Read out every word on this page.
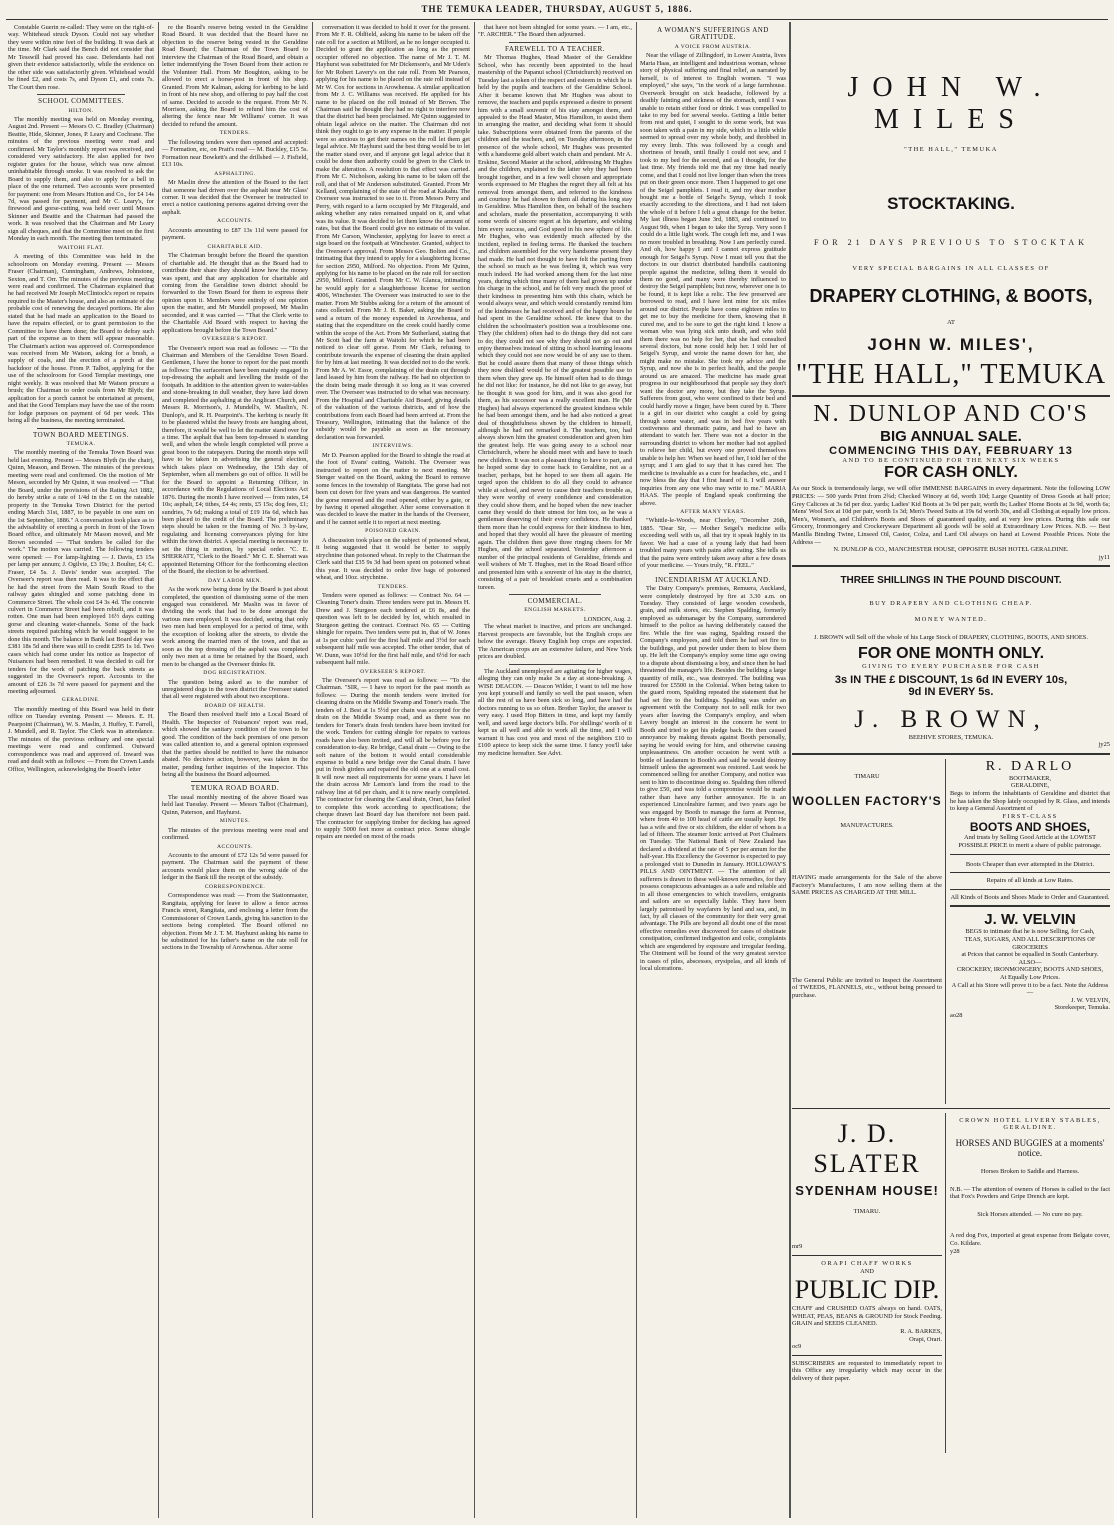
THE TEMUKA LEADER, THURSDAY, AUGUST 5, 1886.

Constable Guerin re-called: They were on the right-of-way. Whitehead struck Dyson. Could not say whether they were within nine feet of the building. It was dark at the time. Mr Clark said the Bench did not consider that Mr Tesswill had proved his case. Defendants had not given their evidence satisfactorily, while the evidence on the other side was satisfactorily given. Whitehead would be fined £2, and costs 7s, and Dyson £1, and costs 7s. The Court then rose.

SCHOOL COMMITTEES.
HILTON.

The monthly meeting was held on Monday evening, August 2nd. Present — Messrs O. C. Bradley (Chairman) Beattie, Hide, Skinner, Jones, P. Leary and Cochrane. The minutes of the previous meeting were read and confirmed. Mr Taylor's monthly report was received, and considered very satisfactory. He also applied for two register grates for the house, which was now almost uninhabitable through smoke. It was resolved to ask the Board to supply them, and also to apply for a bell in place of the one returned. Two accounts were presented for payment: one from Messrs Hutton and Co., for £4 14s 7d, was passed for payment, and Mr C. Leary's, for firewood and gorse-cutting, was held over until Messrs Skinner and Beattie and the Chairman had passed the work. It was resolved that the Chairman and Mr Leary sign all cheques, and that the Committee meet on the first Monday in each month. The meeting then terminated.

WAITOHI FLAT.

A meeting of this Committee was held in the schoolroom on Monday evening. Present — Messrs Fraser (Chairman), Cunningham, Andrews, Johnstone, Sexton, and T. Orr. The minutes of the previous meeting were read and confirmed. The Chairman explained that he had received Mr Joseph McClintock's report re repairs required to the Master's house, and also an estimate of the probable cost of renewing the decayed portions. He also stated that he had made an application to the Board to have the repairs effected, or to grant permission to the Committee to have them done; the Board to defray such part of the expense as to them will appear reasonable. The Chairman's action was approved of. Correspondence was received from Mr Watson, asking for a brush, a supply of coals, and the erection of a porch at the backdoor of the house. From P. Talbot, applying for the use of the schoolroom for Good Templar meetings, one night weekly. It was resolved that Mr Watson procure a brush; the Chairman to order coals from Mr Blyth; the application for a porch cannot be entertained at present, and that the Good Templars may have the use of the room for lodge purposes on payment of 6d per week. This being all the business, the meeting terminated.

TOWN BOARD MEETINGS.
TEMUKA.

The monthly meeting of the Temuka Town Board was held last evening. Present — Messrs Blyth (in the chair), Quinn, Meason, and Brown. The minutes of the previous meeting were read and confirmed. On the motion of Mr Meson, seconded by Mr Quinn, it was resolved — "That the Board, under the provisions of the Rating Act 1882, do hereby strike a rate of 1/4d in the £ on the rateable property in the Temuka Town District for the period ending March 31st, 1887, to be payable in one sum on the 1st September, 1886." A conversation took place as to the advisability of erecting a porch in front of the Town Board office, and ultimately Mr Mason moved, and Mr Brown seconded — "That tenders be called for the work." The motion was carried. The following tenders were opened: — For lamp-lighting — J. Davis, £3 15s per lamp per annum; J. Ogilvie, £3 19s; J. Boulter, £4; C. Fraser, £4 5s. J. Davis' tender was accepted. The Overseer's report was then read. It was to the effect that he had the street from the Main South Road to the railway gates shingled and some patching done in Commerce Street. The whole cost £4 3s 4d. The concrete culvert in Commerce Street had been rebuilt, and it was rotten. One man had been employed 16½ days cutting gorse and cleaning water-channels. Some of the back streets required patching which he would suggest to be done this month. The balance in Bank last Board day was £381 18s 5d and there was still to credit £295 1s 1d. Two cases which had come under his notice as Inspector of Nuisances had been remedied. It was decided to call for tenders for the work of patching the back streets as suggested in the Overseer's report. Accounts to the amount of £26 3s 7d were passed for payment and the meeting adjourned.

GERALDINE.

The monthly meeting of this Board was held in their office on Tuesday evening. Present — Messrs. E. H. Pearpoint (Chairman), W. S. Maslin, J. Huffey, T. Farrell, J. Mundell, and R. Taylor. The Clerk was in attendance. The minutes of the previous ordinary and one special meetings were read and confirmed. Outward correspondence was read and approved of. Inward was read and dealt with as follows: — From the Crown Lands Office, Wellington, acknowledging the Board's letter

re the Board's reserve being vested in the Geraldine Road Board. It was decided that the Board have no objection to the reserve being vested in the Geraldine Road Board; the Chairman of the Town Board to interview the Chairman of the Road Board, and obtain a letter indemnifying the Town Board from their action re the Volunteer Hall. From Mr Boughton, asking to be allowed to erect a horse-post in front of his shop. Granted. From Mr Kalman, asking for kerbing to be laid in front of his new shop, and offering to pay half the cost of same. Decided to accede to the request. From Mr N. Morrison, asking the Board to refund him the cost of altering the fence near Mr Williams' corner. It was decided to refund the amount.

TENDERS.

The following tenders were then opened and accepted: — Formation, etc, on Pratt's road — M. Buckley, £15 5s. Formation near Bowkett's and the drillshed — J. Fisfield, £13 10s.

ASPHALTING.

Mr Maslin drew the attention of the Board to the fact that someone had driven over the asphalt near Mr Glass' corner. It was decided that the Overseer be instructed to erect a notice cautioning persons against driving over the asphalt.

ACCOUNTS.

Accounts amounting to £87 13s 11d were passed for payment.

CHARITABLE AID.

The Chairman brought before the Board the question of charitable aid. He thought that as the Board had to contribute their share they should know how the money was spent, and that any application for charitable aid coming from the Geraldine town district should be forwarded to the Town Board for them to express their opinion upon it. Members were entirely of one opinion upon the matter, and Mr Mundell proposed, Mr Maslin seconded, and it was carried — "That the Clerk write to the Charitable Aid Board with respect to having the applications brought before the Town Board."

OVERSEER'S REPORT.

The Overseer's report was read as follows: — "To the Chairman and Members of the Geraldine Town Board. Gentlemen, I have the honor to report for the past month as follows: The surfacemen have been mainly engaged in top-dressing the asphalt and levelling the inside of the footpath. In addition to the attention given to water-tables and stone-breaking in dull weather, they have laid down and completed the asphalting at the Anglican Church, and Messrs R. Morrison's, J. Mundell's, W. Maslin's, N. Dunlop's, and R. H. Pearpoint's. The kerbing is nearly fit to be plastered whilst the heavy frosts are hanging about, therefore, it would be well to let the matter stand over for a time. The asphalt that has been top-dressed is standing well, and when the whole length completed will prove a great boon to the ratepayers. During the month steps will have to be taken in advertising the general election, which takes place on Wednesday, the 15th day of September, when all members go out of office. It will be for the Board to appoint a Returning Officer, in accordance with the Regulations of Local Elections Act 1876. During the month I have received — from rates, £4 10s; asphalt, £4; tithes, £4 4s; rents, £5 15s; dog fees, £1; sundries, 7s 6d; making a total of £19 16s 6d, which has been placed to the credit of the Board. The preliminary steps should be taken re the framing of No. 3 by-law, regulating and licensing conveyances plying for hire within the town district. A special meeting is necessary to set the thing in motion, by special order. "C. E. SHERRATT, "Clerk to the Board." Mr C. E. Sherratt was appointed Returning Officer for the forthcoming election of the Board, the election to be advertised.

DAY LABOR MEN.

As the work now being done by the Board is just about completed, the question of dismissing some of the men engaged was considered. Mr Maslin was in favor of dividing the work that had to be done amongst the various men employed. It was decided, seeing that only two men had been employed for a period of time, with the exception of looking after the streets, to divide the work among the married men of the town, and that as soon as the top dressing of the asphalt was completed only two men at a time be retained by the Board, such men to be changed as the Overseer thinks fit.

DOG REGISTRATION.

The question being asked as to the number of unregistered dogs in the town district the Overseer stated that all were registered with about two exceptions.

BOARD OF HEALTH.

The Board then resolved itself into a Local Board of Health. The Inspector of Nuisances' report was read, which showed the sanitary condition of the town to be good. The condition of the back premises of one person was called attention to, and a general opinion expressed that the parties should be notified to have the nuisance abated. No decisive action, however, was taken in the matter, pending further inquiries of the Inspector. This being all the business the Board adjourned.

TEMUKA ROAD BOARD.

The usual monthly meeting of the above Board was held last Tuesday. Present — Messrs Talbot (Chairman), Quinn, Paterson, and Hayhurst.

MINUTES.

The minutes of the previous meeting were read and confirmed.

ACCOUNTS.

Accounts to the amount of £72 12s 5d were passed for payment. The Chairman said the payment of these accounts would place them on the wrong side of the ledger in the Bank till the receipt of the subsidy.

CORRESPONDENCE.

Correspondence was read: — From the Stationmaster, Rangitata, applying for leave to allow a fence across Francis street, Rangitata, and enclosing a letter from the Commissioner of Crown Lands, giving his sanction to the sections being completed. The Board offered no objection. From Mr J. T. M. Hayhurst asking his name to be substituted for his father's name on the rate roll for sections in the Township of Arowhenua. After some

conversation it was decided to hold it over for the present. From Mr F. R. Oldfield, asking his name to be taken off the rate roll for a section at Milford, as he no longer occupied it. Decided to grant the application as long as the present occupier offered no objection. The name of Mr J. T. M. Hayhurst was substituted for Mr Dickenson's, and Mr Uden's for Mr Robert Lavery's on the rate roll. From Mr Pearson, applying for his name to be placed on the rate roll instead of Mr W. Cox for sections in Arowhenua. A similar application from Mr J. C. Williams was received. He applied for his name to be placed on the roll instead of Mr Brown. The Chairman said he thought they had no right to interfere now that the district had been proclaimed. Mr Quinn suggested to obtain legal advice on the matter. The Chairman did not think they ought to go to any expense in the matter. If people were so anxious to get their names on the roll let them get legal advice. Mr Hayhurst said the best thing would be to let the matter stand over, and if anyone got legal advice that it could be done then authority could be given to the Clerk to make the alteration. A resolution to that effect was carried. From Mr C. Nicholson, asking his name to be taken off the roll, and that of Mr Anderson substituted. Granted. From Mr Kelland, complaining of the state of the road at Kakahu. The Overseer was instructed to see to it. From Messrs Perry and Perry, with regard to a farm occupied by Mr Fitzgerald, and asking whether any rates remained unpaid on it, and what was its value. It was decided to let them know the amount of rates, but that the Board could give no estimate of its value. From Mr Carson, Winchester, applying for leave to erect a sign board on the footpath at Winchester. Granted, subject to the Overseer's approval. From Messrs Geo. Bolton and Co., intimating that they intend to apply for a slaughtering license for section 2950, Milford. No objection. From Mr Quinn, applying for his name to be placed on the rate roll for section 2950, Milford. Granted. From Mr C. W. Glanca, intimating he would apply for a slaughterhouse license for section 4006, Winchester. The Overseer was instructed to see to the matter. From Mr Stubbs asking for a return of the amount of rates collected. From Mr J. H. Baker, asking the Board to send a return of the money expended in Arowhenua, and stating that the expenditure on the creek could hardly come within the scope of the Act. From Mr Sutherland, stating that Mr Scott had the farm at Waitohi for which he had been noticed to clear off gorse. From Mr Clark, refusing to contribute towards the expense of cleaning the drain applied for by him at last meeting. It was decided not to do the work. From Mr A. W. Essor, complaining of the drain cut through land leased by him from the railway. He had no objection to the drain being made through it so long as it was covered over. The Overseer was instructed to do what was necessary. From the Hospital and Charitable Aid Board, giving details of the valuation of the various districts, and of how the contributions from each Board had been arrived at. From the Treasury, Wellington, intimating that the balance of the subsidy would be payable as soon as the necessary declaration was forwarded.

INTERVIEWS.

Mr D. Pearson applied for the Board to shingle the road at the foot of Evans' cutting, Waitohi. The Overseer was instructed to report on the matter to next meeting. Mr Stenger waited on the Board, asking the Board to remove some fences in the township of Rangitata. The gorse had not been cut down for five years and was dangerous. He wanted the gorse removed and the road opened, either by a gate, or by having it opened altogether. After some conversation it was decided to leave the matter in the hands of the Overseer, and if he cannot settle it to report at next meeting.

POISONED GRAIN.

A discussion took place on the subject of poisoned wheat, it being suggested that it would be better to supply strychnine than poisoned wheat. In reply to the Chairman the Clerk said that £35 9s 3d had been spent on poisoned wheat this year. It was decided to order five bags of poisoned wheat, and 10oz. strychnine.

TENDERS.

Tenders were opened as follows: — Contract No. 64 — Cleaning Toner's drain. Three tenders were put in. Messrs H. Drew and J. Sturgeon each tendered at £6 8s, and the question was left to be decided by lot, which resulted in Sturgeon getting the contract. Contract No. 65 — Cutting shingle for repairs. Two tenders were put in, that of W. Jones at 1s per cubic yard for the first half mile and 3½d for each subsequent half mile was accepted. The other tender, that of W. Dunn, was 10½d for the first half mile, and 6½d for each subsequent half mile.

OVERSEER'S REPORT.

The Overseer's report was read as follows: — "To the Chairman. "SIR, — I have to report for the past month as follows: — During the month tenders were invited for cleaning drains on the Middle Swamp and Toner's roads. The tenders of J. Best at 1s 5½d per chain was accepted for the drain on the Middle Swamp road, and as there was no tenders for Toner's drain fresh tenders have been invited for the work. Tenders for cutting shingle for repairs to various roads have also been invited, and will all be before you for consideration to-day. Re bridge, Canal drain — Owing to the soft nature of the bottom it would entail considerable expense to build a new bridge over the Canal drain. I have put in fresh girders and repaired the old one at a small cost. It will now meet all requirements for some years. I have let the drain across Mr Lemon's land from the road to the railway line at 6d per chain, and it is now nearly completed. The contractor for cleaning the Canal drain, Orari, has failed to complete this work according to specifications; the cheque drawn last Board day has therefore not been paid. The contractor for supplying timber for decking has agreed to supply 5000 feet more at contract price. Some shingle repairs are needed on most of the roads

that have not been shingled for some years. — I am, etc., "F. ARCHER." The Board then adjourned.

FAREWELL TO A TEACHER.

Mr Thomas Hughes, Head Master of the Geraldine School, who has recently been appointed to the head mastership of the Papanui school (Christchurch) received on Tuesday last a token of the respect and esteem in which he is held by the pupils and teachers of the Geraldine School. After it became known that Mr Hughes was about to remove, the teachers and pupils expressed a desire to present him with a small souvenir of his stay amongst them, and appealed to the Head Master, Miss Hamilton, to assist them in arranging the matter, and deciding what form it should take. Subscriptions were obtained from the parents of the children and the teachers, and, on Tuesday afternoon, in the presence of the whole school, Mr Hughes was presented with a handsome gold albert watch chain and pendant. Mr A. Erskine, Second Master at the school, addressing Mr Hughes and the children, explained to the latter why they had been brought together, and in a few well chosen and appropriate words expressed to Mr Hughes the regret they all felt at his removal from amongst them, and referred to the kindness and courtesy he had shown to them all during his long stay in Geraldine. Miss Hamilton then, on behalf of the teachers and scholars, made the presentation, accompanying it with some words of sincere regret at his departure, and wishing him every success, and God speed in his new sphere of life. Mr Hughes, who was evidently much affected by the incident, replied in feeling terms. He thanked the teachers and children assembled for the very handsome present they had made. He had not thought to have felt the parting from the school so much as he was feeling it, which was very much indeed. He had worked among them for the last nine years, during which time many of them had grown up under his charge in the school, and he felt very much the proof of their kindness in presenting him with this chain, which he would always wear, and which would constantly remind him of the kindnesses he had received and of the happy hours he had spent in the Geraldine school. He knew that to the children the schoolmaster's position was a troublesome one. They (the children) often had to do things they did not care to do; they could not see why they should not go out and enjoy themselves instead of sitting in school learning lessons which they could not see now would be of any use to them. But he could assure them that many of those things which they now disliked would be of the greatest possible use to them when they grew up. He himself often had to do things he did not like: for instance, he did not like to go away, but he thought it was good for him, and it was also good for them, as his successor was a really excellent man. He (Mr Hughes) had always experienced the greatest kindness while he had been amongst them, and he had also noticed a great deal of thoughtfulness shown by the children to himself, although he had not remarked it. The teachers, too, had always shown him the greatest consideration and given him the greatest help. He was going away to a school near Christchurch, where he should meet with and have to teach new children. It was not a pleasant thing to have to part, and he hoped some day to come back to Geraldine, not as a teacher, perhaps, but he hoped to see them all again. He urged upon the children to do all they could to advance while at school, and never to cause their teachers trouble as, they were worthy of every confidence and consideration they could show them, and he hoped when the new teacher came they would do their utmost for him too, as he was a gentleman deserving of their every confidence. He thanked them more than he could express for their kindness to him, and hoped that they would all have the pleasure of meeting again. The children then gave three ringing cheers for Mr Hughes, and the school separated. Yesterday afternoon a number of the principal residents of Geraldine, friends and well wishers of Mr T. Hughes, met in the Road Board office and presented him with a souvenir of his stay in the district, consisting of a pair of breakfast cruets and a combination tureen.

COMMERCIAL.
ENGLISH MARKETS.

LONDON, Aug. 2.

The wheat market is inactive, and prices are unchanged. Harvest prospects are favorable, but the English crops are below the average. Heavy English hop crops are expected. The American crops are an extensive failure, and New York prices are doubled.

The Auckland unemployed are agitating for higher wages, alleging they can only make 3s a day at stone-breaking. A WISE DEACON. — Deacon Wilder, I want to tell me how you kept yourself and family so well the past season, when all the rest of us have been sick so long, and have had the doctors running to us so often. Brother Taylor, the answer is very easy. I used Hop Bitters in time, and kept my family well, and saved large doctor's bills. For shillings' worth of it kept us all well and able to work all the time, and I will warrant it has cost you and most of the neighbors £10 to £100 apiece to keep sick the same time. I fancy you'll take my medicine hereafter. See Advt.

A WOMAN'S SUFFERINGS AND GRATITUDE.
A VOICE FROM AUSTRIA.

Near the village of Zillingdorf, in Lower Austria, lives Maria Haas, an intelligent and industrious woman, whose story of physical suffering and final relief, as narrated by herself, is of interest to English women. "I was employed," she says, "in the work of a large farmhouse. Overwork brought on sick headache, followed by a deathly fainting and sickness of the stomach, until I was unable to retain either food or drink. I was compelled to take to my bed for several weeks. Getting a little better from rest and quiet, I sought to do some work, but was soon taken with a pain in my side, which in a little while seemed to spread over my whole body, and throbbed in my every limb. This was followed by a cough and shortness of breath, until finally I could not sew, and I took to my bed for the second, and as I thought, for the last time. My friends told me that my time had nearly come, and that I could not live longer than when the trees put on their green once more. Then I happened to get one of the Seigel pamphlets. I read it, and my dear mother bought me a bottle of Seigel's Syrup, which I took exactly according to the directions, and I had not taken the whole of it before I felt a great change for the better. My last illness began June 3rd, 1883, and continued to August 9th, when I began to take the Syrup. Very soon I could do a little light work. The cough left me, and I was no more troubled in breathing. Now I am perfectly cured. And oh, how happy I am! I cannot express gratitude enough for Seigel's Syrup. Now I must tell you that the doctors in our district distributed handbills cautioning people against the medicine, telling them it would do them no good, and many were thereby influenced to destroy the Seigel pamphlets; but now, wherever one is to be found, it is kept like a relic. The few preserved are borrowed to read, and I have lent mine for six miles around our district. People have come eighteen miles to get me to buy the medicine for them, knowing that it cured me, and to be sure to get the right kind. I know a woman who was lying sick unto death, and who told them there was no help for her, that she had consulted several doctors, but none could help her. I told her of Seigel's Syrup, and wrote the name down for her, she might make no mistake. She took my advice and the Syrup, and now she is in perfect health, and the people around us are amazed. The medicine has made great progress in our neighbourhood that people say they don't want the doctor any more, but they take the Syrup. Sufferers from gout, who were confined to their bed and could hardly move a finger, have been cured by it. There is a girl in our district who caught a cold by going through some water, and was in bed five years with costiveness and rheumatic pains, and had to have an attendant to watch her. There was not a doctor in the surrounding district to whom her mother had not applied to relieve her child, but every one proved themselves unable to help her. When we heard of her, I told her of the syrup; and I am glad to say that it has cured her. The medicine is invaluable as a cure for headaches, etc., and I now bless the day that I first heard of it. I will answer inquiries from any one who may write to me." MARIA HAAS. The people of England speak confirming the above.

AFTER MANY YEARS.

"Whittle-le-Woods, near Chorley, "December 26th, 1885. "Dear Sir, — Mother Seigel's medicine sells exceeding well with us, all that try it speak highly in its favor. We had a case of a young lady that had been troubled many years with pains after eating. She tells us that the pains were entirely taken away after a few doses of your medicine. — Yours truly, "R. FEEL."

INCENDIARISM AT AUCKLAND.

The Dairy Company's premises, Remuera, Auckland, were completely destroyed by fire at 3.30 a.m. on Tuesday. They consisted of large wooden cowsheds, grain, and milk stores, etc. Stephen Spalding, formerly employed as submanager by the Company, surrendered himself to the police as having deliberately caused the fire. While the fire was raging, Spalding roused the Company's employees, and told them he had set fire to the buildings, and put powder under them to blow them up. He left the Company's employ some time ago owing to a dispute about dismissing a boy, and since then he had threatened the manager's life. Besides the building a large quantity of milk, etc., was destroyed. The building was insured for £5500 in the Colonial. When being taken to the guard room, Spalding repeated the statement that he had set fire to the buildings. Spalding was under an agreement with the Company not to sell milk for two years after leaving the Company's employ, and when Lavery bought an interest in the concern he went to Booth and tried to get his pledge back. He then caused annoyance by making threats against Booth personally, saying he would swing for him, and otherwise causing unpleasantness. On another occasion he went with a bottle of laudanum to Booth's and said he would destroy himself unless the agreement was restored. Last week he commenced selling for another Company, and notice was sent to him to discontinue doing so. Spalding then offered to give £50, and was told a compromise would be made rather than have any further annoyance. He is an experienced Lincolnshire farmer, and two years ago he was engaged by Booth to manage the farm at Penrose, where from 40 to 100 head of cattle are usually kept. He has a wife and five or six children, the elder of whom is a lad of fifteen. The steamer Ionic arrived at Port Chalmers on Tuesday. The National Bank of New Zealand has declared a dividend at the rate of 5 per per annum for the half-year. His Excellency the Governor is expected to pay a prolonged visit to Dunedin in January. HOLLOWAY'S PILLS AND OINTMENT. — The attention of all sufferers is drawn to these well-known remedies, for they possess conspicuous advantages as a safe and reliable aid in all those emergencies to which travellers, emigrants and sailors are so especially liable. They have been largely patronised by wayfarers by land and sea, and, in fact, by all classes of the community for their very great advantage. The Pills are beyond all doubt one of the most effective remedies ever discovered for cases of obstinate constipation, confirmed indigestion and colic, complaints which are engendered by exposure and irregular feeding. The Ointment will be found of the very greatest service in cases of piles, abscesses, erysipelas, and all kinds of local ulcerations.

JOHN W. MILES
"THE HALL," TEMUKA
STOCKTAKING.
FOR 21 DAYS PREVIOUS TO STOCKTAK
VERY SPECIAL BARGAINS IN ALL CLASSES OF
DRAPERY CLOTHING, & BOOTS,
AT
JOHN W. MILES',
"THE HALL," TEMUKA
N. DUNLOP AND CO'S
BIG ANNUAL SALE.
COMMENCING THIS DAY, FEBRUARY 13
AND TO BE CONTINUED FOR THE NEXT SIX WEEKS
FOR CASH ONLY.
As our Stock is tremendously large, we will offer IMMENSE BARGAINS in every department. Note the following LOW PRICES: — 500 yards Print from 2¾d; Checked Wincey at 6d, worth 10d; Large Quantity of Dress Goods at half price; Grey Calicoes at 3s 6d per doz. yards; Ladies' Kid Boots at 3s 9d per pair, worth 8s; Ladies' Home Boots at 3s 9d, worth 6s; Mens' Wool Sox at 10d per pair, worth 1s 3d; Men's Tweed Suits at 19s 6d worth 30s, and all Clothing at equally low prices. Men's, Women's, and Children's Boots and Shoes of guaranteed quality, and at very low prices. During this sale our Grocery, Ironmongery and Crockeryware Department all goods will be sold at Extraordinary Low Prices. N.B. — Best Manilla Binding Twine, Linseed Oil, Castor, Colza, and Lard Oil always on hand at Lowest Possible Prices. Note the Address —
N. DUNLOP & CO., MANCHESTER HOUSE, OPPOSITE BUSH HOTEL GERALDINE.
jy11
THREE SHILLINGS IN THE POUND DISCOUNT.
BUY DRAPERY AND CLOTHING CHEAP.
MONEY WANTED.
J. BROWN will Sell off the whole of his Large Stock of DRAPERY, CLOTHING, BOOTS, AND SHOES.
FOR ONE MONTH ONLY.
GIVING TO EVERY PURCHASER FOR CASH
3s IN THE £ DISCOUNT, 1s 6d IN EVERY 10s,
9d IN EVERY 5s.
J. BROWN,
BEEHIVE STORES, TEMUKA.
jy25
TIMARU
WOOLLEN FACTORY'S
MANUFACTURES.
HAVING made arrangements for the Sale of the above Factory's Manufactures, I am now selling them at the SAME PRICES AS CHARGED AT THE MILL.
The General Public are invited to Inspect the Assortment of TWEEDS, FLANNELS, etc., without being pressed to purchase.
R. DARLO
BOOTMAKER,
GERALDINE,
Begs to inform the inhabitants of Geraldine and district that he has taken the Shop lately occupied by R. Glass, and intends to keep a General Assortment of
FIRST-CLASS
BOOTS AND SHOES,
And trusts by Selling Good Article at the LOWEST POSSIBLE PRICE to merit a share of public patronage.
Boots Cheaper than ever attempted in the District.
Repairs of all kinds at Low Rates.
All Kinds of Boots and Shoes Made to Order and Guaranteed.
J. W. VELVIN
BEGS to intimate that he is now Selling, for Cash,
TEAS, SUGARS, AND ALL DESCRIPTIONS OF GROCERIES
at Prices that cannot be equalled in South Canterbury.
ALSO—
CROCKERY, IRONMONGERY, BOOTS AND SHOES,
At Equally Low Prices.
A Call at his Store will prove it to be a fact. Note the Address —
J. W. VELVIN,
Storekeeper, Temuka.
ao28
J. D. SLATER
SYDENHAM HOUSE!
TIMARU.
mr9
ORAPI CHAFF WORKS
AND
PUBLIC DIP.
CHAFF and CRUSHED OATS always on hand. OATS, WHEAT, PEAS, BEANS & GROUND for Stock Feeding. GRAIN and SEEDS CLEANED.
R. A. BARKES,
Orapi, Orari.
oc9
SUBSCRIBERS are requested to immediately report to this Office any irregularity which may occur in the delivery of their paper.
CROWN HOTEL LIVERY STABLES, GERALDINE.
HORSES AND BUGGIES at a moments' notice.
Horses Broken to Saddle and Harness.
N.B. — The attention of owners of Horses is called to the fact that Fox's Powders and Gripe Drench are kept.
Sick Horses attended. — No cure no pay.
A red dog Fox, imported at great expense from Belgate cover, Co. Kildare.
y28
